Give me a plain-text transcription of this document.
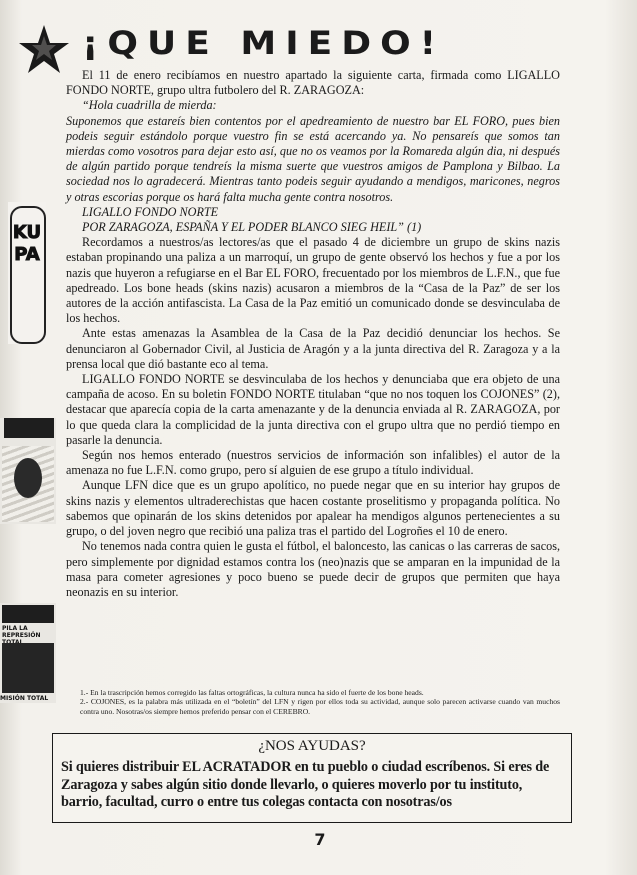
¡QUE MIEDO!

El 11 de enero recibíamos en nuestro apartado la siguiente carta, firmada como LIGALLO FONDO NORTE, grupo ultra futbolero del R. ZARAGOZA:

“Hola cuadrilla de mierda:

Suponemos que estareís bien contentos por el apedreamiento de nuestro bar EL FORO, pues bien podeis seguir estándolo porque vuestro fin se está acercando ya. No pensareís que somos tan mierdas como vosotros para dejar esto así, que no os veamos por la Romareda algún dia, ni después de algún partido porque tendreís la misma suerte que vuestros amigos de Pamplona y Bilbao. La sociedad nos lo agradecerá. Mientras tanto podeis seguir ayudando a mendigos, maricones, negros y otras escorias porque os hará falta mucha gente contra nosotros.

LIGALLO FONDO NORTE

POR ZARAGOZA, ESPAÑA Y EL PODER BLANCO SIEG HEIL” (1)

Recordamos a nuestros/as lectores/as que el pasado 4 de diciembre un grupo de skins nazis estaban propinando una paliza a un marroquí, un grupo de gente observó los hechos y fue a por los nazis que huyeron a refugiarse en el Bar EL FORO, frecuentado por los miembros de L.F.N., que fue apedreado. Los bone heads (skins nazis) acusaron a miembros de la “Casa de la Paz” de ser los autores de la acción antifascista. La Casa de la Paz emitió un comunicado donde se desvinculaba de los hechos.

Ante estas amenazas la Asamblea de la Casa de la Paz decidió denunciar los hechos. Se denunciaron al Gobernador Civil, al Justicia de Aragón y a la junta directiva del R. Zaragoza y a la prensa local que dió bastante eco al tema.

LIGALLO FONDO NORTE se desvinculaba de los hechos y denunciaba que era objeto de una campaña de acoso. En su boletin FONDO NORTE titulaban “que no nos toquen los COJONES” (2), destacar que aparecía copia de la carta amenazante y de la denuncia enviada al R. ZARAGOZA, por lo que queda clara la complicidad de la junta directiva con el grupo ultra que no perdió tiempo en pasarle la denuncia.

Según nos hemos enterado (nuestros servicios de información son infalibles) el autor de la amenaza no fue L.F.N. como grupo, pero sí alguien de ese grupo a título individual.

Aunque LFN dice que es un grupo apolítico, no puede negar que en su interior hay grupos de skins nazis y elementos ultraderechistas que hacen costante proselitismo y propaganda política. No sabemos que opinarán de los skins detenidos por apalear ha mendigos algunos pertenecientes a su grupo, o del joven negro que recibió una paliza tras el partido del Logroñes el 10 de enero.

No tenemos nada contra quien le gusta el fútbol, el baloncesto, las canicas o las carreras de sacos, pero simplemente por dignidad estamos contra los (neo)nazis que se amparan en la impunidad de la masa para cometer agresiones y poco bueno se puede decir de grupos que permiten que haya neonazis en su interior.

1.- En la trascripción hemos corregido las faltas ortográficas, la cultura nunca ha sido el fuerte de los bone heads.

2.- COJONES, es la palabra más utilizada en el “boletín” del LFN y rigen por ellos toda su actividad, aunque solo parecen activarse cuando van muchos contra uno. Nosotras/os siempre hemos preferido pensar con el CEREBRO.

¿NOS AYUDAS?
Si quieres distribuir EL ACRATADOR en tu pueblo o ciudad escríbenos. Si eres de Zaragoza y sabes algún sitio donde llevarlo, o quieres moverlo por tu instituto, barrio, facultad, curro o entre tus colegas contacta con nosotras/os
7
KUPA
PILA LA REPRESIÓN
MISIÓN TOTAL
